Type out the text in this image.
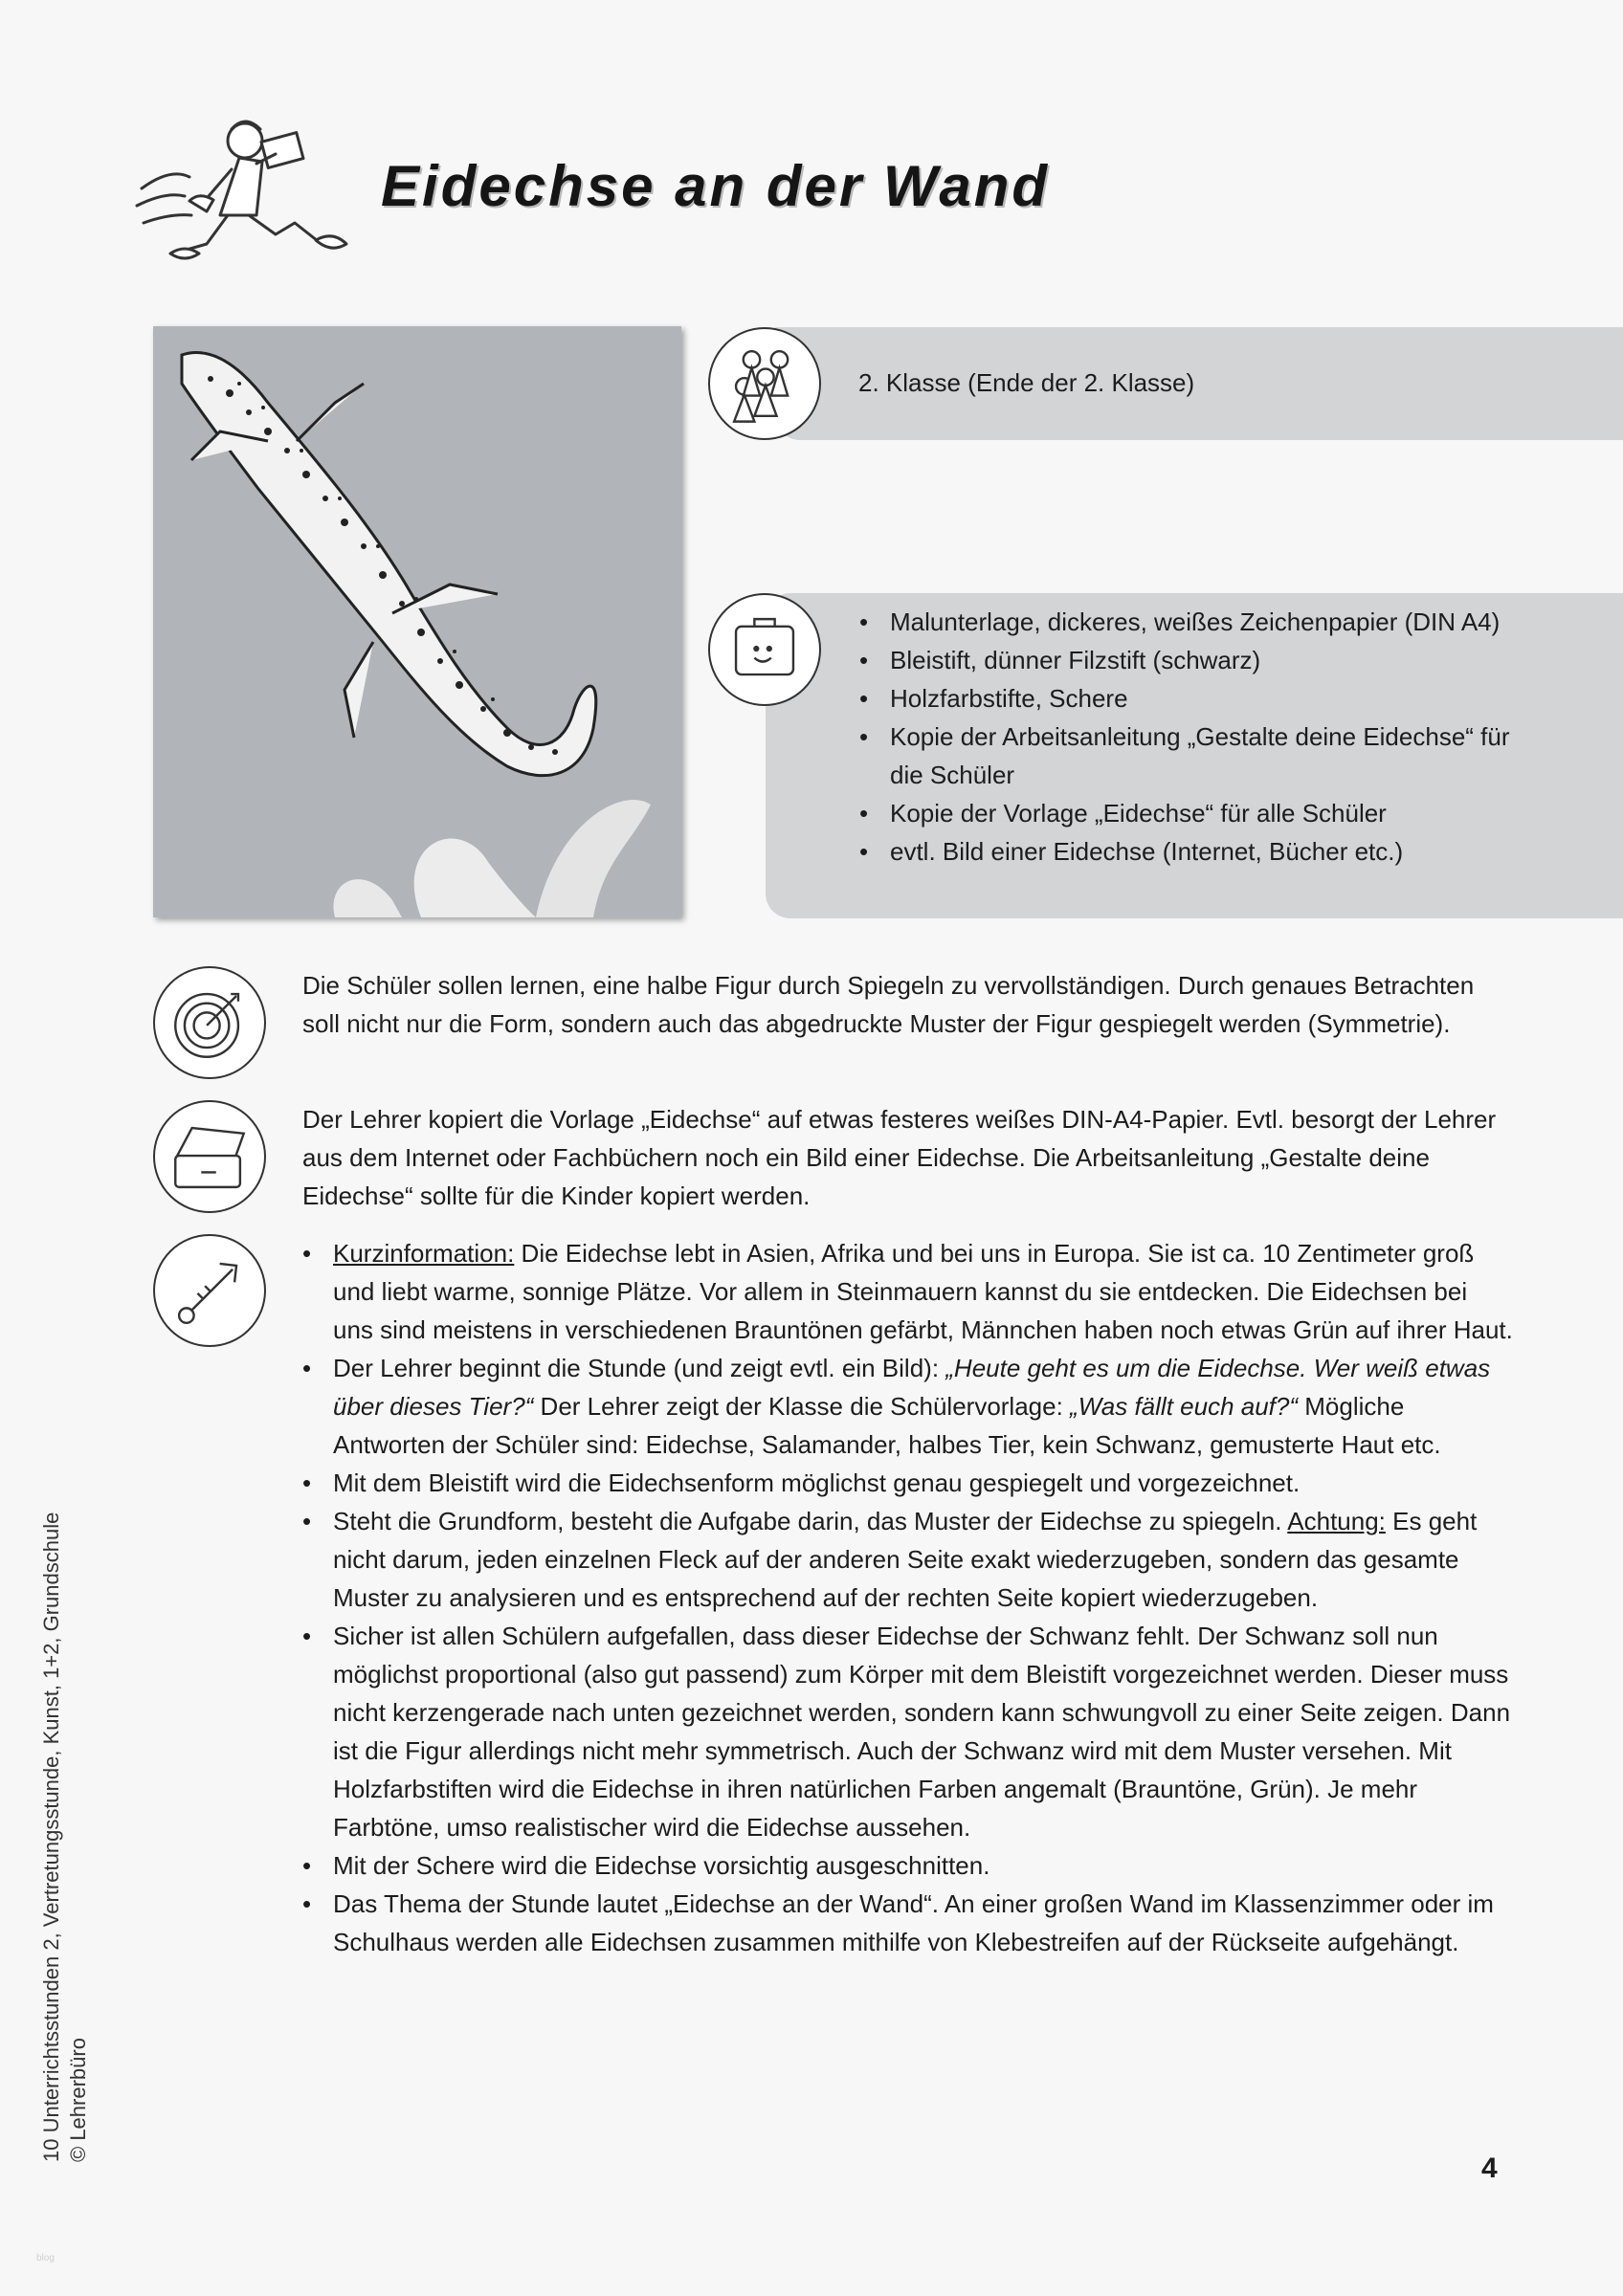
Eidechse an der Wand
2. Klasse (Ende der 2. Klasse)
• Malunterlage, dickeres, weißes Zeichenpapier (DIN A4)
• Bleistift, dünner Filzstift (schwarz)
• Holzfarbstifte, Schere
• Kopie der Arbeitsanleitung „Gestalte deine Eidechse“ für die Schüler
• Kopie der Vorlage „Eidechse“ für alle Schüler
• evtl. Bild einer Eidechse (Internet, Bücher etc.)
Die Schüler sollen lernen, eine halbe Figur durch Spiegeln zu vervollständigen. Durch genaues Betrachten soll nicht nur die Form, sondern auch das abgedruckte Muster der Figur gespiegelt werden (Symmetrie).
Der Lehrer kopiert die Vorlage „Eidechse“ auf etwas festeres weißes DIN-A4-Papier. Evtl. besorgt der Lehrer aus dem Internet oder Fachbüchern noch ein Bild einer Eidechse. Die Arbeitsanleitung „Gestalte deine Eidechse“ sollte für die Kinder kopiert werden.
• Kurzinformation: Die Eidechse lebt in Asien, Afrika und bei uns in Europa. Sie ist ca. 10 Zentimeter groß und liebt warme, sonnige Plätze. Vor allem in Steinmauern kannst du sie entdecken. Die Eidechsen bei uns sind meistens in verschiedenen Brauntönen gefärbt, Männchen haben noch etwas Grün auf ihrer Haut.
• Der Lehrer beginnt die Stunde (und zeigt evtl. ein Bild): „Heute geht es um die Eidechse. Wer weiß etwas über dieses Tier?“ Der Lehrer zeigt der Klasse die Schülervorlage: „Was fällt euch auf?“ Mögliche Antworten der Schüler sind: Eidechse, Salamander, halbes Tier, kein Schwanz, gemusterte Haut etc.
• Mit dem Bleistift wird die Eidechsenform möglichst genau gespiegelt und vorgezeichnet.
• Steht die Grundform, besteht die Aufgabe darin, das Muster der Eidechse zu spiegeln. Achtung: Es geht nicht darum, jeden einzelnen Fleck auf der anderen Seite exakt wiederzugeben, sondern das gesamte Muster zu analysieren und es entsprechend auf der rechten Seite kopiert wiederzugeben.
• Sicher ist allen Schülern aufgefallen, dass dieser Eidechse der Schwanz fehlt. Der Schwanz soll nun möglichst proportional (also gut passend) zum Körper mit dem Bleistift vorgezeichnet werden. Dieser muss nicht kerzengerade nach unten gezeichnet werden, sondern kann schwungvoll zu einer Seite zeigen. Dann ist die Figur allerdings nicht mehr symmetrisch. Auch der Schwanz wird mit dem Muster versehen. Mit Holzfarbstiften wird die Eidechse in ihren natürlichen Farben angemalt (Brauntöne, Grün). Je mehr Farbtöne, umso realistischer wird die Eidechse aussehen.
• Mit der Schere wird die Eidechse vorsichtig ausgeschnitten.
• Das Thema der Stunde lautet „Eidechse an der Wand“. An einer großen Wand im Klassenzimmer oder im Schulhaus werden alle Eidechsen zusammen mithilfe von Klebestreifen auf der Rückseite aufgehängt.
10 Unterrichtsstunden 2, Vertretungsstunde, Kunst, 1+2, Grundschule © Lehrerbüro
4
blog
